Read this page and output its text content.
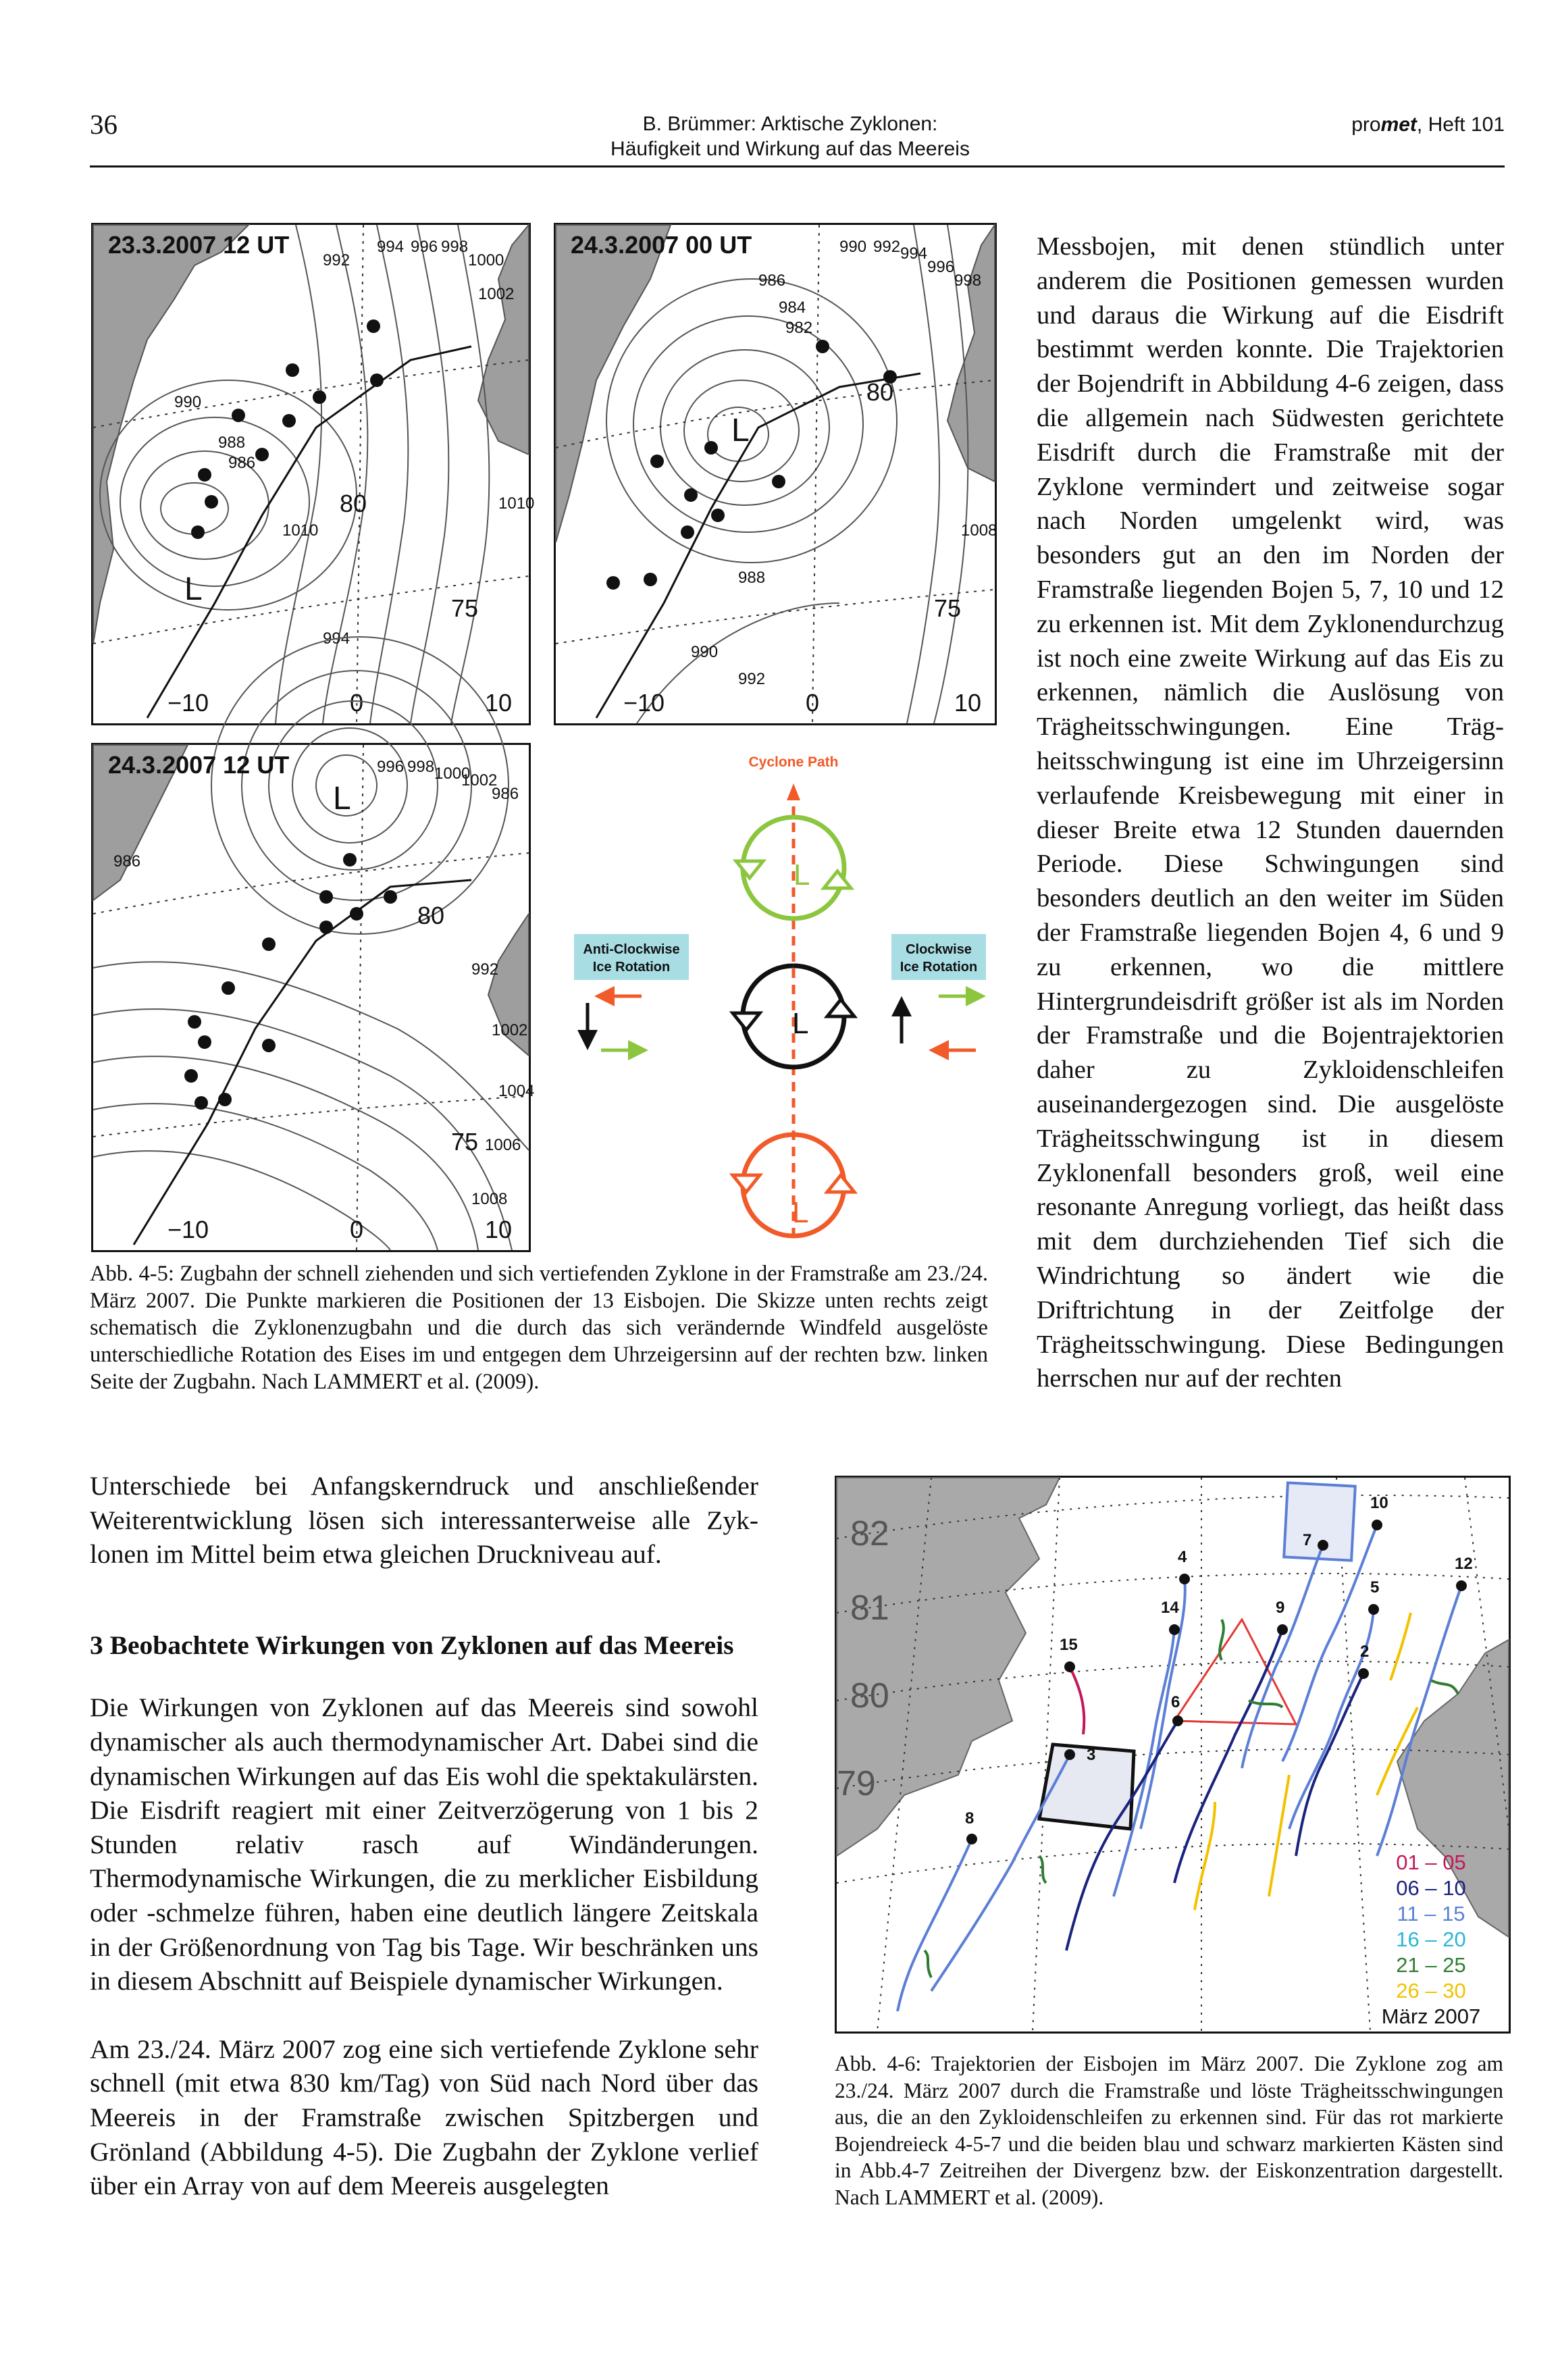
36	B. Brümmer: Arktische Zyklonen:
Häufigkeit und Wirkung auf das Meereis
promet, Heft 101
23.3.2007 12 UT
L
80
75
−10	0	10
992
994 996 998
1000
1002
990
988
986
1010
994
1010
24.3.2007 00 UT
L
80
75
−10	0	10
986
984
982
990 992 994
996
998
988
990
992
1008
24.3.2007 12 UT
L
80
75
−10	0	10
996 998 1000
1002
986
986
992
1002
1004
1006
1008
Cyclone Path
L
L
L
Anti-Clockwise
Ice Rotation
Clockwise
Ice Rotation
Abb. 4-5: Zugbahn der schnell ziehenden und sich vertiefenden Zyklone in der Framstraße am 23./24. März 2007. Die Punkte markieren die Positionen der 13 Eisbojen. Die Skizze unten rechts zeigt schematisch die Zyklonenzugbahn und die durch das sich verändernde Windfeld ausgelöste unterschiedliche Rotation des Eises im und entgegen dem Uhrzeigersinn auf der rechten bzw. linken Seite der Zugbahn. Nach LAMMERT et al. (2009).
Messbojen, mit denen stündlich unter anderem die Positionen gemessen wurden und daraus die Wirkung auf die Eisdrift bestimmt werden konnte. Die Trajektorien der Bojendrift in Abbildung 4-6 zeigen, dass die allgemein nach Südwesten gerichtete Eisdrift durch die Framstraße mit der Zyklone vermindert und zeitweise sogar nach Norden umgelenkt wird, was besonders gut an den im Norden der Framstraße liegenden Bojen 5, 7, 10 und 12 zu erkennen ist. Mit dem Zyklonendurchzug ist noch eine zweite Wirkung auf das Eis zu erkennen, nämlich die Auslösung von Trägheitsschwingungen. Eine Trägheitsschwingung ist eine im Uhrzeigersinn verlaufende Kreisbewegung mit einer in dieser Breite etwa 12 Stunden dauernden Periode. Diese Schwingungen sind besonders deutlich an den weiter im Süden der Framstraße liegenden Bojen 4, 6 und 9 zu erkennen, wo die mittlere Hintergrundeisdrift größer ist als im Norden der Framstraße und die Bojentrajektorien daher zu Zykloidenschleifen auseinandergezogen sind. Die ausgelöste Trägheitsschwingung ist in diesem Zyklonenfall besonders groß, weil eine resonante Anregung vorliegt, das heißt dass mit dem durchziehenden Tief sich die Windrichtung so ändert wie die Driftrichtung in der Zeitfolge der Trägheitsschwingung. Diese Bedingungen herrschen nur auf der rechten

Unterschiede bei Anfangskerndruck und anschließender Weiterentwicklung lösen sich interessanterweise alle Zyklonen im Mittel beim etwa gleichen Druckniveau auf.

3 Beobachtete Wirkungen von Zyklonen auf das Meereis

Die Wirkungen von Zyklonen auf das Meereis sind sowohl dynamischer als auch thermodynamischer Art. Dabei sind die dynamischen Wirkungen auf das Eis wohl die spektakulärsten. Die Eisdrift reagiert mit einer Zeitverzögerung von 1 bis 2 Stunden relativ rasch auf Windänderungen. Thermodynamische Wirkungen, die zu merklicher Eisbildung oder -schmelze führen, haben eine deutlich längere Zeitskala in der Größenordnung von Tag bis Tage. Wir beschränken uns in diesem Abschnitt auf Beispiele dynamischer Wirkungen.

Am 23./24. März 2007 zog eine sich vertiefende Zyklone sehr schnell (mit etwa 830 km/Tag) von Süd nach Nord über das Meereis in der Framstraße zwischen Spitzbergen und Grönland (Abbildung 4-5). Die Zugbahn der Zyklone verlief über ein Array von auf dem Meereis ausgelegten

82
81
80
79
4
7
10
12
14	9
5
2
15
6
3
8
01 – 05
06 – 10
11 – 15
16 – 20
21 – 25
26 – 30
März 2007
Abb. 4-6: Trajektorien der Eisbojen im März 2007. Die Zyklone zog am 23./24. März 2007 durch die Framstraße und löste Trägheitsschwingungen aus, die an den Zykloidenschleifen zu erkennen sind. Für das rot markierte Bojendreieck 4-5-7 und die beiden blau und schwarz markierten Kästen sind in Abb.4-7 Zeitreihen der Divergenz bzw. der Eiskonzentration dargestellt. Nach LAMMERT et al. (2009).
